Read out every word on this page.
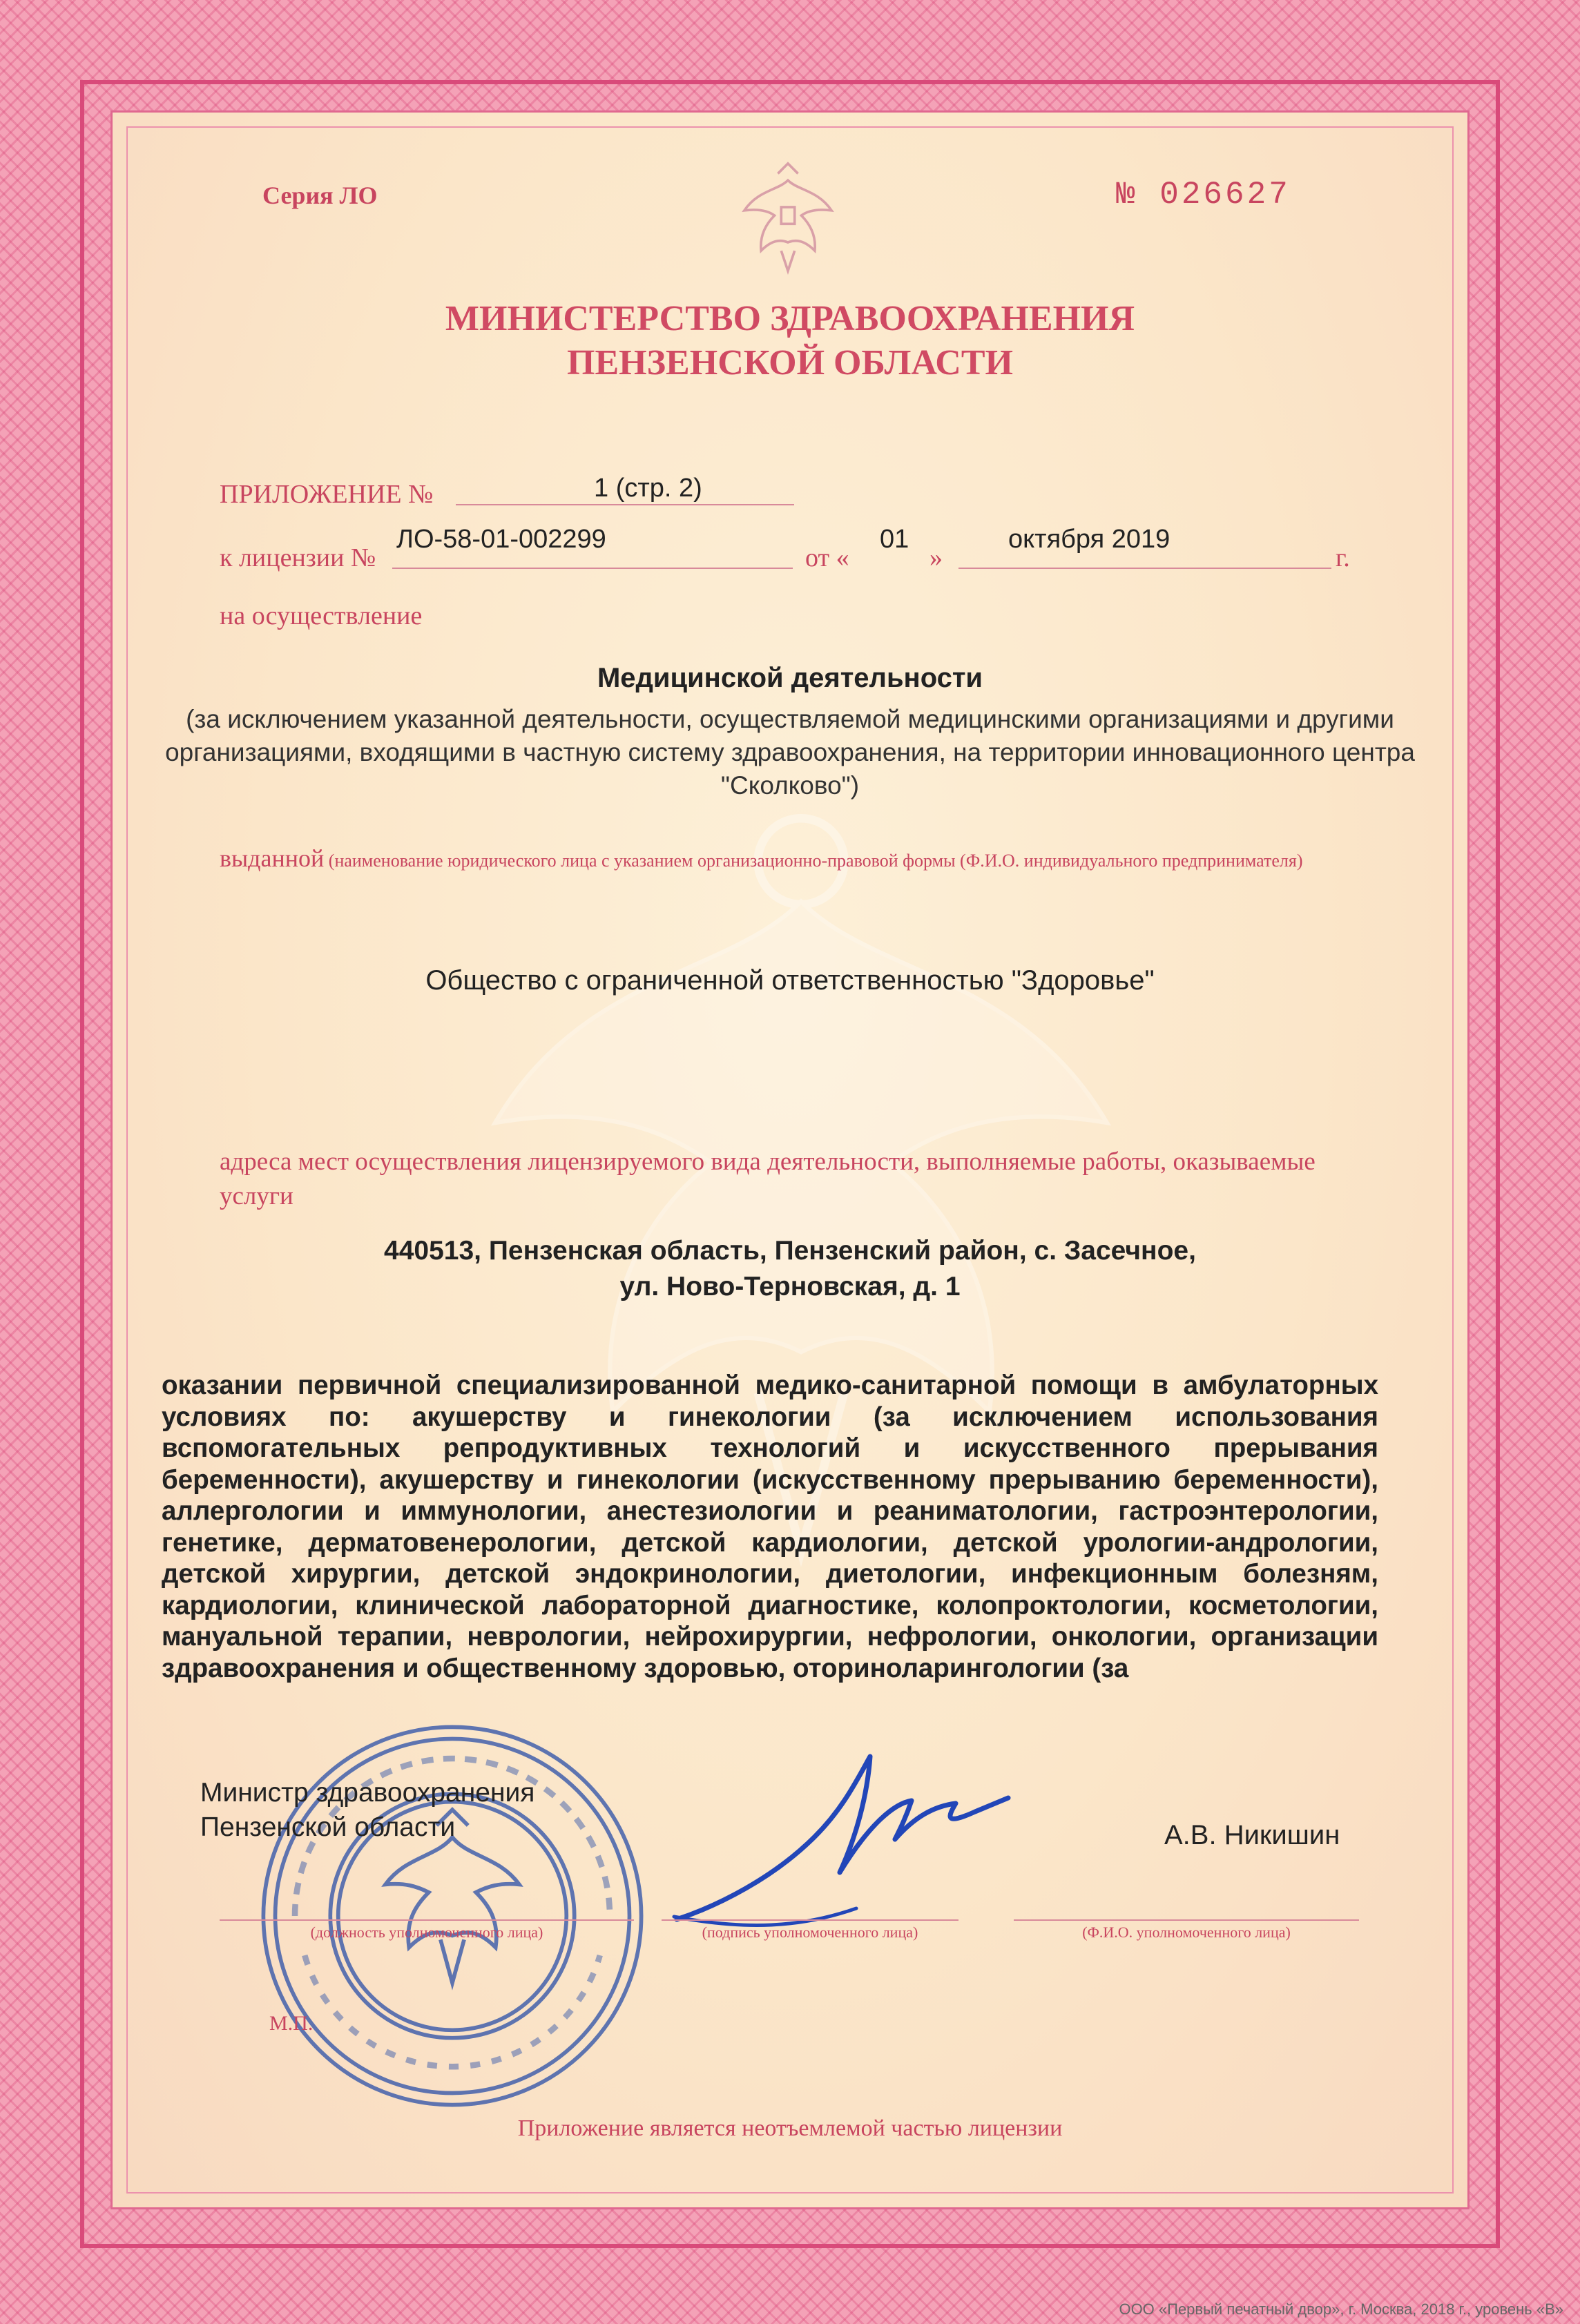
Серия ЛО	№ 026627
МИНИСТЕРСТВО ЗДРАВООХРАНЕНИЯ
ПЕНЗЕНСКОЙ ОБЛАСТИ
ПРИЛОЖЕНИЕ №	1 (стр. 2)
к лицензии №
ЛО-58-01-002299
от «
01
»
октября 2019
г.
на осуществление
Медицинской деятельности
(за исключением указанной деятельности, осуществляемой медицинскими организациями и другими организациями, входящими в частную систему здравоохранения, на территории инновационного центра "Сколково")
выданной (наименование юридического лица с указанием организационно-правовой формы (Ф.И.О. индивидуального предпринимателя)
Общество с ограниченной ответственностью "Здоровье"
адреса мест осуществления лицензируемого вида деятельности, выполняемые работы, оказываемые услуги
440513, Пензенская область, Пензенский район, с. Засечное,
ул. Ново-Терновская, д. 1
оказании первичной специализированной медико-санитарной помощи в амбулаторных условиях по: акушерству и гинекологии (за исключением использования вспомогательных репродуктивных технологий и искусственного прерывания беременности), акушерству и гинекологии (искусственному прерыванию беременности), аллергологии и иммунологии, анестезиологии и реаниматологии, гастроэнтерологии, генетике, дерматовенерологии, детской кардиологии, детской урологии-андрологии, детской хирургии, детской эндокринологии, диетологии, инфекционным болезням, кардиологии, клинической лабораторной диагностике, колопроктологии, косметологии, мануальной терапии, неврологии, нейрохирургии, нефрологии, онкологии, организации здравоохранения и общественному здоровью, оториноларингологии (за
Министр здравоохранения
Пензенской области	А.В. Никишин
(должность уполномоченного лица)	(подпись уполномоченного лица)	(Ф.И.О. уполномоченного лица)
М.П.
Приложение является неотъемлемой частью лицензии
ООО «Первый печатный двор», г. Москва, 2018 г., уровень «В»
